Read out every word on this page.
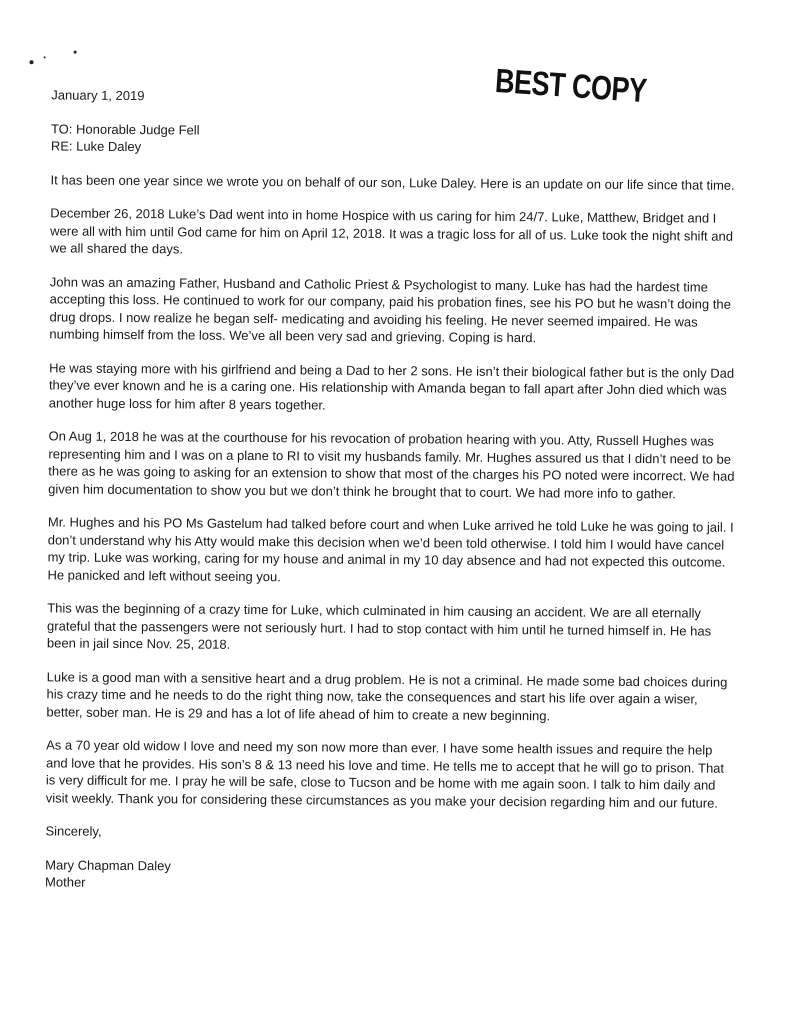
BEST COPY

January 1, 2019

TO: Honorable Judge Fell

RE: Luke Daley

It has been one year since we wrote you on behalf of our son, Luke Daley. Here is an update on our life since that time.

December 26, 2018 Luke’s Dad went into in home Hospice with us caring for him 24/7. Luke, Matthew, Bridget and I were all with him until God came for him on April 12, 2018. It was a tragic loss for all of us. Luke took the night shift and we all shared the days.

John was an amazing Father, Husband and Catholic Priest & Psychologist to many. Luke has had the hardest time accepting this loss. He continued to work for our company, paid his probation fines, see his PO but he wasn’t doing the drug drops. I now realize he began self- medicating and avoiding his feeling. He never seemed impaired. He was numbing himself from the loss. We’ve all been very sad and grieving. Coping is hard.

He was staying more with his girlfriend and being a Dad to her 2 sons. He isn’t their biological father but is the only Dad they’ve ever known and he is a caring one. His relationship with Amanda began to fall apart after John died which was another huge loss for him after 8 years together.

On Aug 1, 2018 he was at the courthouse for his revocation of probation hearing with you. Atty, Russell Hughes was representing him and I was on a plane to RI to visit my husbands family. Mr. Hughes assured us that I didn’t need to be there as he was going to asking for an extension to show that most of the charges his PO noted were incorrect. We had given him documentation to show you but we don’t think he brought that to court. We had more info to gather.

Mr. Hughes and his PO Ms Gastelum had talked before court and when Luke arrived he told Luke he was going to jail. I don’t understand why his Atty would make this decision when we’d been told otherwise. I told him I would have cancel my trip. Luke was working, caring for my house and animal in my 10 day absence and had not expected this outcome. He panicked and left without seeing you.

This was the beginning of a crazy time for Luke, which culminated in him causing an accident. We are all eternally grateful that the passengers were not seriously hurt. I had to stop contact with him until he turned himself in. He has been in jail since Nov. 25, 2018.

Luke is a good man with a sensitive heart and a drug problem. He is not a criminal. He made some bad choices during his crazy time and he needs to do the right thing now, take the consequences and start his life over again a wiser, better, sober man. He is 29 and has a lot of life ahead of him to create a new beginning.

As a 70 year old widow I love and need my son now more than ever. I have some health issues and require the help and love that he provides. His son’s 8 & 13 need his love and time. He tells me to accept that he will go to prison. That is very difficult for me. I pray he will be safe, close to Tucson and be home with me again soon. I talk to him daily and visit weekly. Thank you for considering these circumstances as you make your decision regarding him and our future.

Sincerely,

Mary Chapman Daley

Mother
